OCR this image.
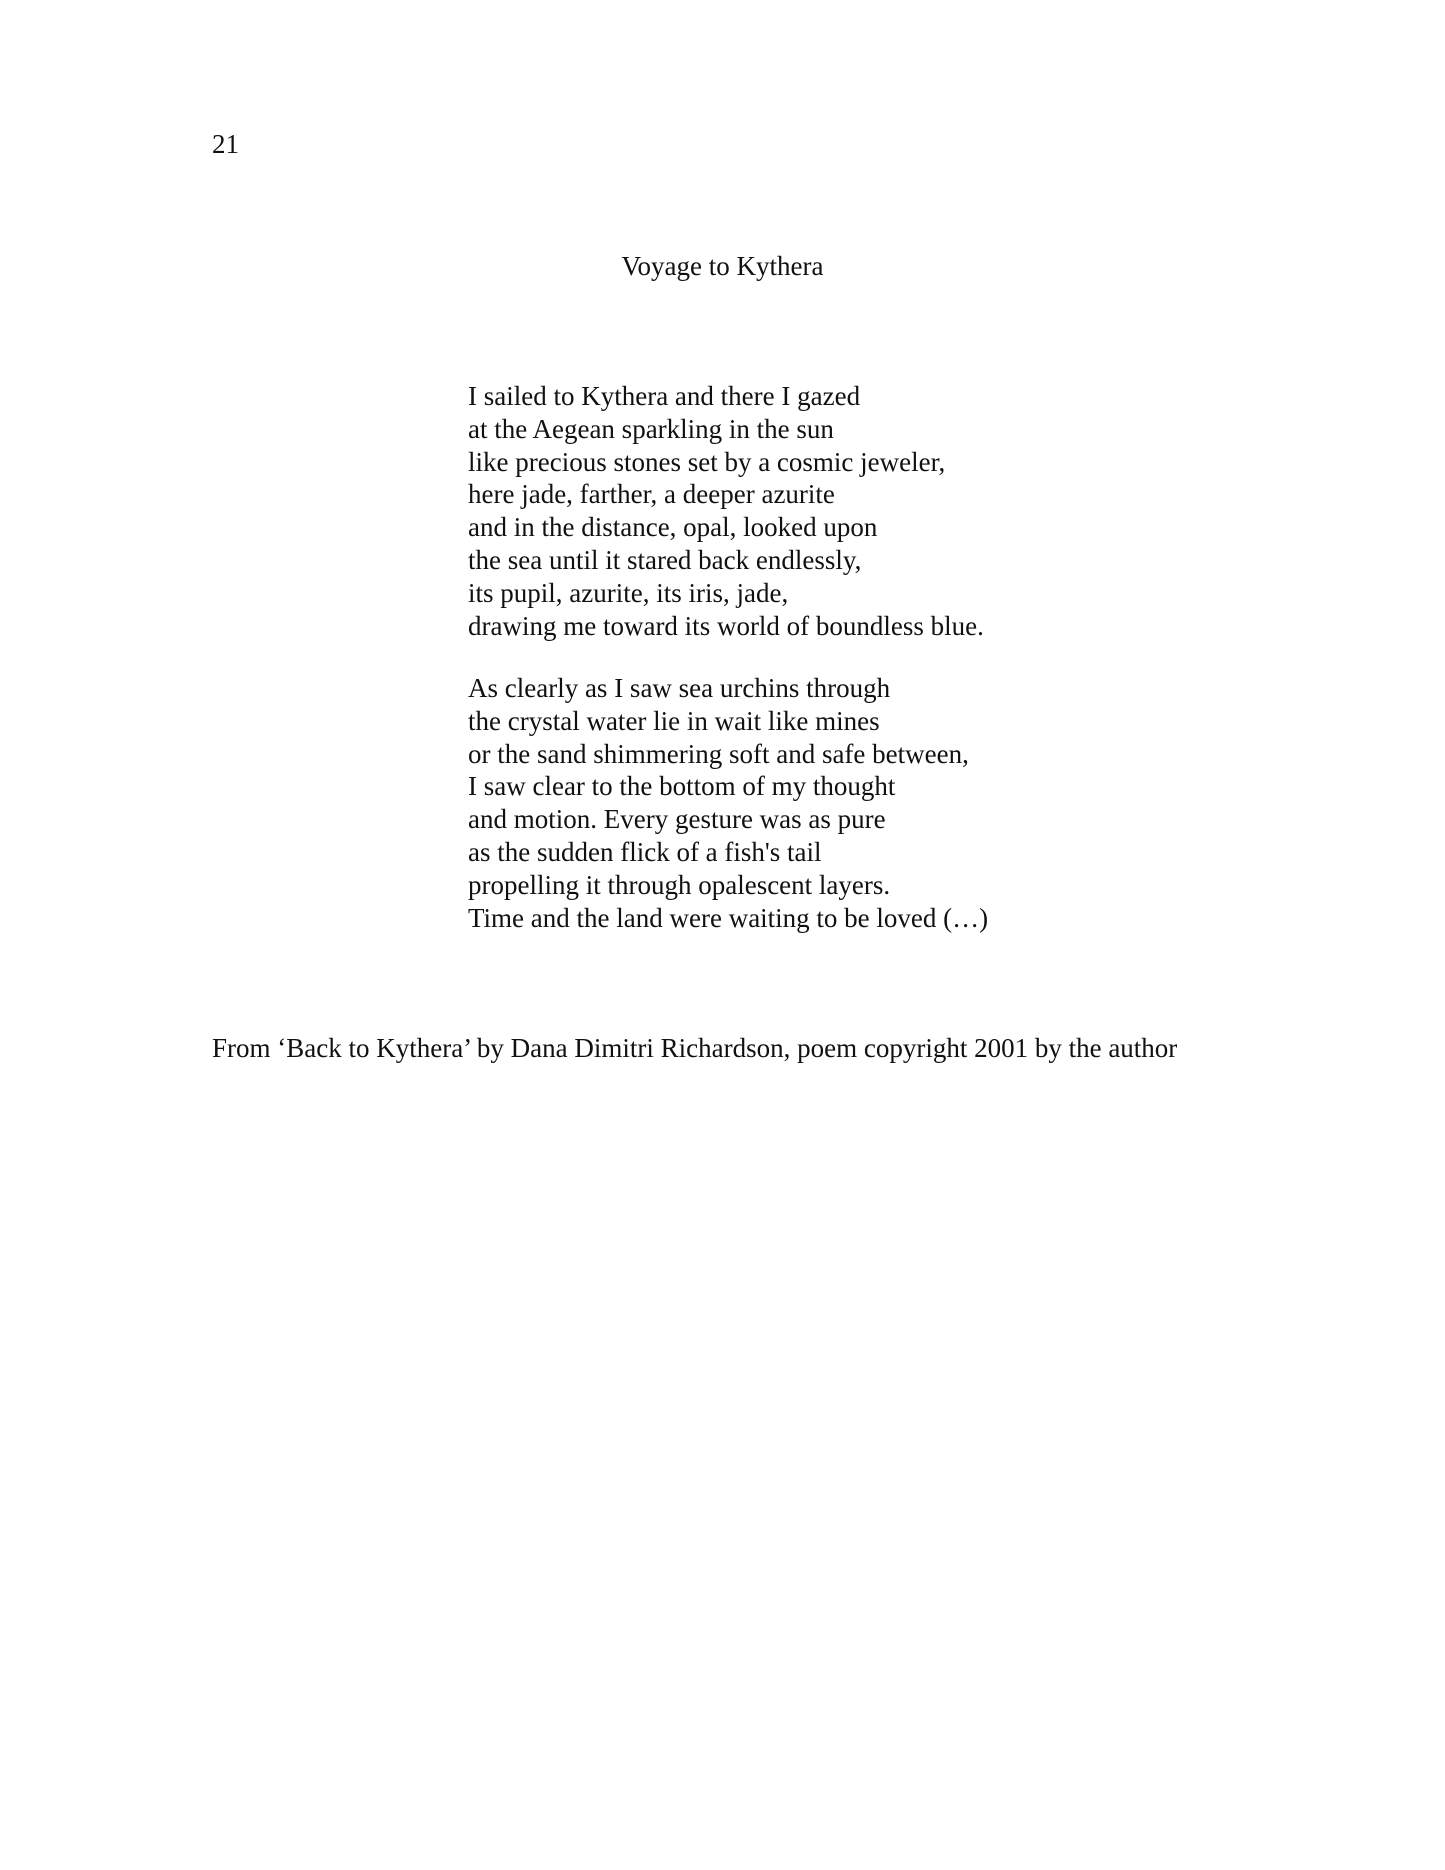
21
Voyage to Kythera
I sailed to Kythera and there I gazed
at the Aegean sparkling in the sun
like precious stones set by a cosmic jeweler,
here jade, farther, a deeper azurite
and in the distance, opal, looked upon
the sea until it stared back endlessly,
its pupil, azurite, its iris, jade,
drawing me toward its world of boundless blue.
As clearly as I saw sea urchins through
the crystal water lie in wait like mines
or the sand shimmering soft and safe between,
I saw clear to the bottom of my thought
and motion. Every gesture was as pure
as the sudden flick of a fish's tail
propelling it through opalescent layers.
Time and the land were waiting to be loved (…)
From ‘Back to Kythera’ by Dana Dimitri Richardson, poem copyright 2001 by the author
